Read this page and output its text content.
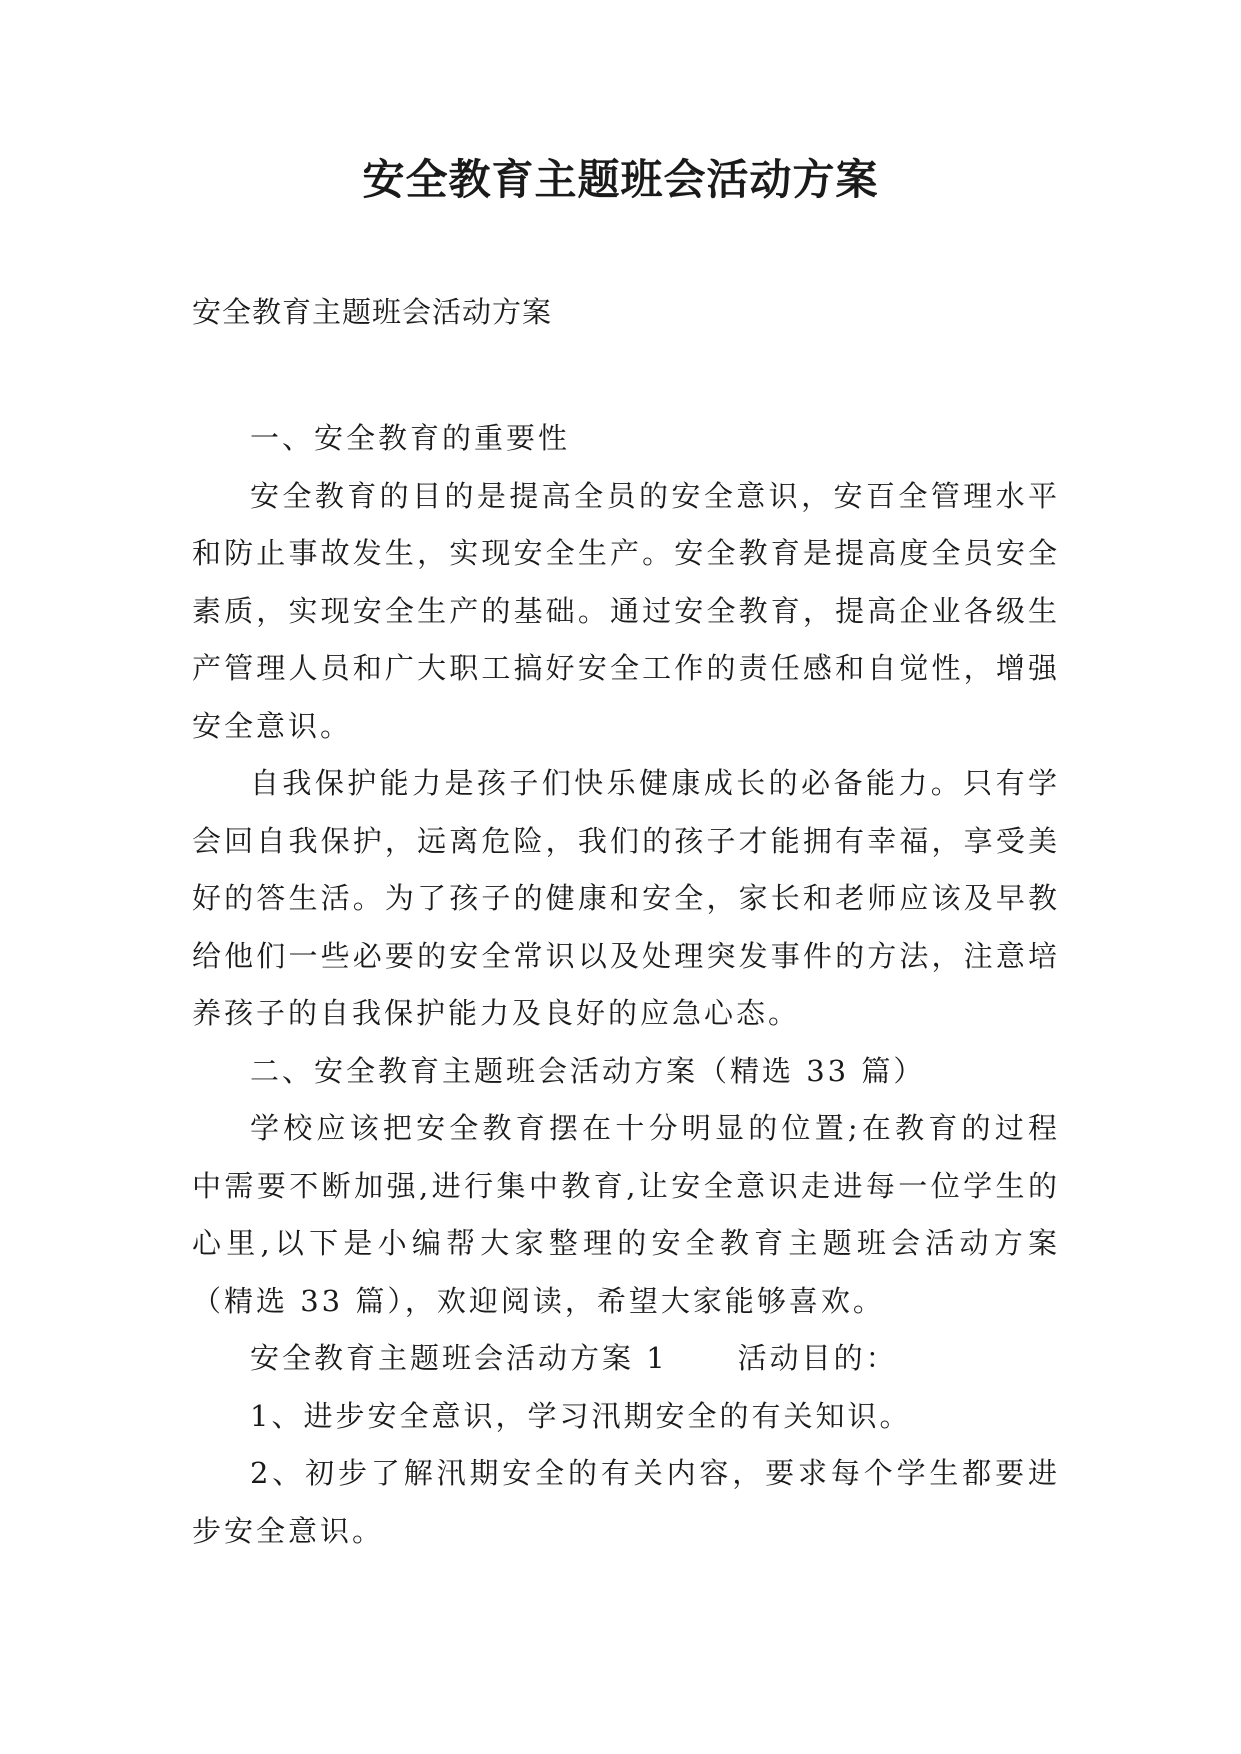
安全教育主题班会活动方案

安全教育主题班会活动方案

一、安全教育的重要性

安全教育的目的是提高全员的安全意识，安百全管理水平和防止事故发生，实现安全生产。安全教育是提高度全员安全素质，实现安全生产的基础。通过安全教育，提高企业各级生产管理人员和广大职工搞好安全工作的责任感和自觉性，增强安全意识。

自我保护能力是孩子们快乐健康成长的必备能力。只有学会回自我保护，远离危险，我们的孩子才能拥有幸福，享受美好的答生活。为了孩子的健康和安全，家长和老师应该及早教给他们一些必要的安全常识以及处理突发事件的方法，注意培养孩子的自我保护能力及良好的应急心态。

二、安全教育主题班会活动方案（精选 33 篇）

学校应该把安全教育摆在十分明显的位置;在教育的过程中需要不断加强,进行集中教育,让安全意识走进每一位学生的心里,以下是小编帮大家整理的安全教育主题班会活动方案（精选 33 篇），欢迎阅读，希望大家能够喜欢。

安全教育主题班会活动方案 1 活动目的：

1、进步安全意识，学习汛期安全的有关知识。

2、初步了解汛期安全的有关内容，要求每个学生都要进步安全意识。
